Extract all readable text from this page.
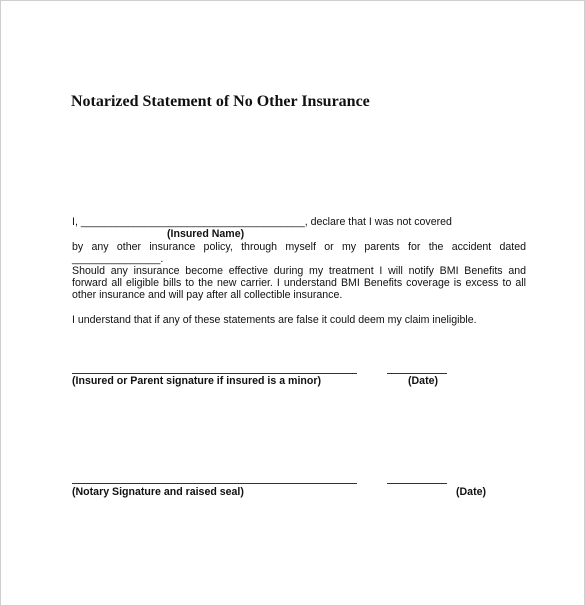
Notarized Statement of No Other Insurance
I, ______________________________________, declare that I was not covered
(Insured Name)
by any other insurance policy, through myself or my parents for the accident dated
_______________.
Should any insurance become effective during my treatment I will notify BMI Benefits and
forward all eligible bills to the new carrier. I understand BMI Benefits coverage is excess to all
other insurance and will pay after all collectible insurance.
I understand that if any of these statements are false it could deem my claim ineligible.
(Insured or Parent signature if insured is a minor)	(Date)
(Notary Signature and raised seal)	(Date)
